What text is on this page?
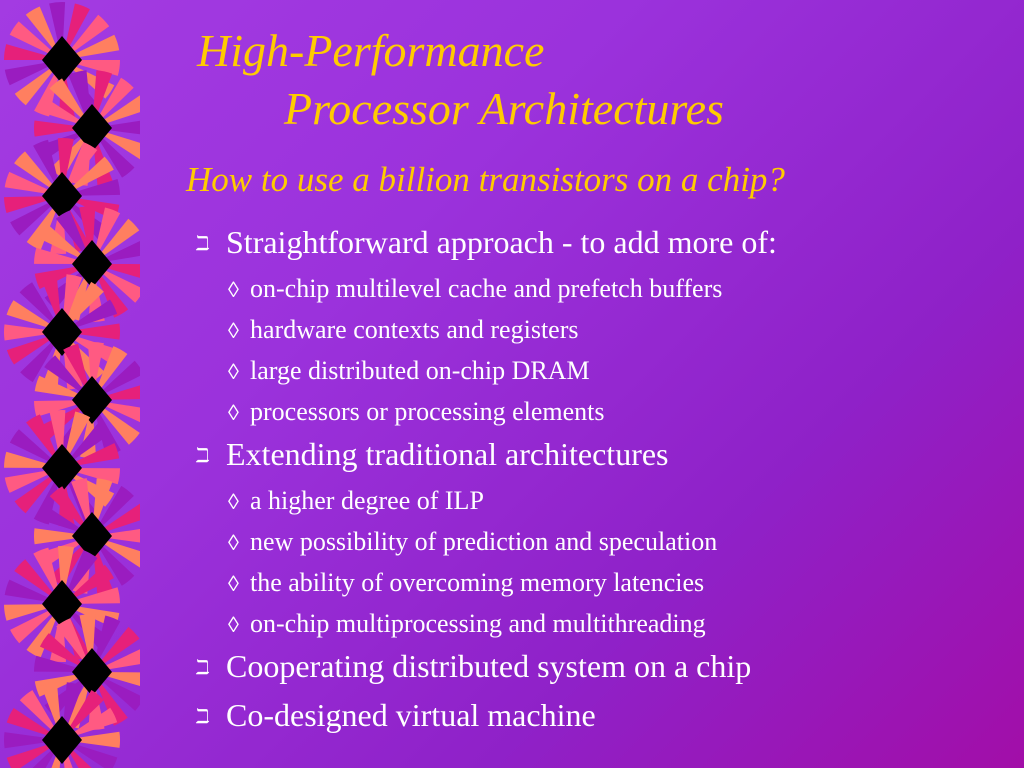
High-Performance
Processor Architectures
How to use a billion transistors on a chip?
ℶ Straightforward approach - to add more of:
◊ on-chip multilevel cache and prefetch buffers
◊ hardware contexts and registers
◊ large distributed on-chip DRAM
◊ processors or processing elements
ℶ Extending traditional architectures
◊ a higher degree of ILP
◊ new possibility of prediction and speculation
◊ the ability of overcoming memory latencies
◊ on-chip multiprocessing and multithreading
ℶ Cooperating distributed system on a chip
ℶ Co-designed virtual machine
